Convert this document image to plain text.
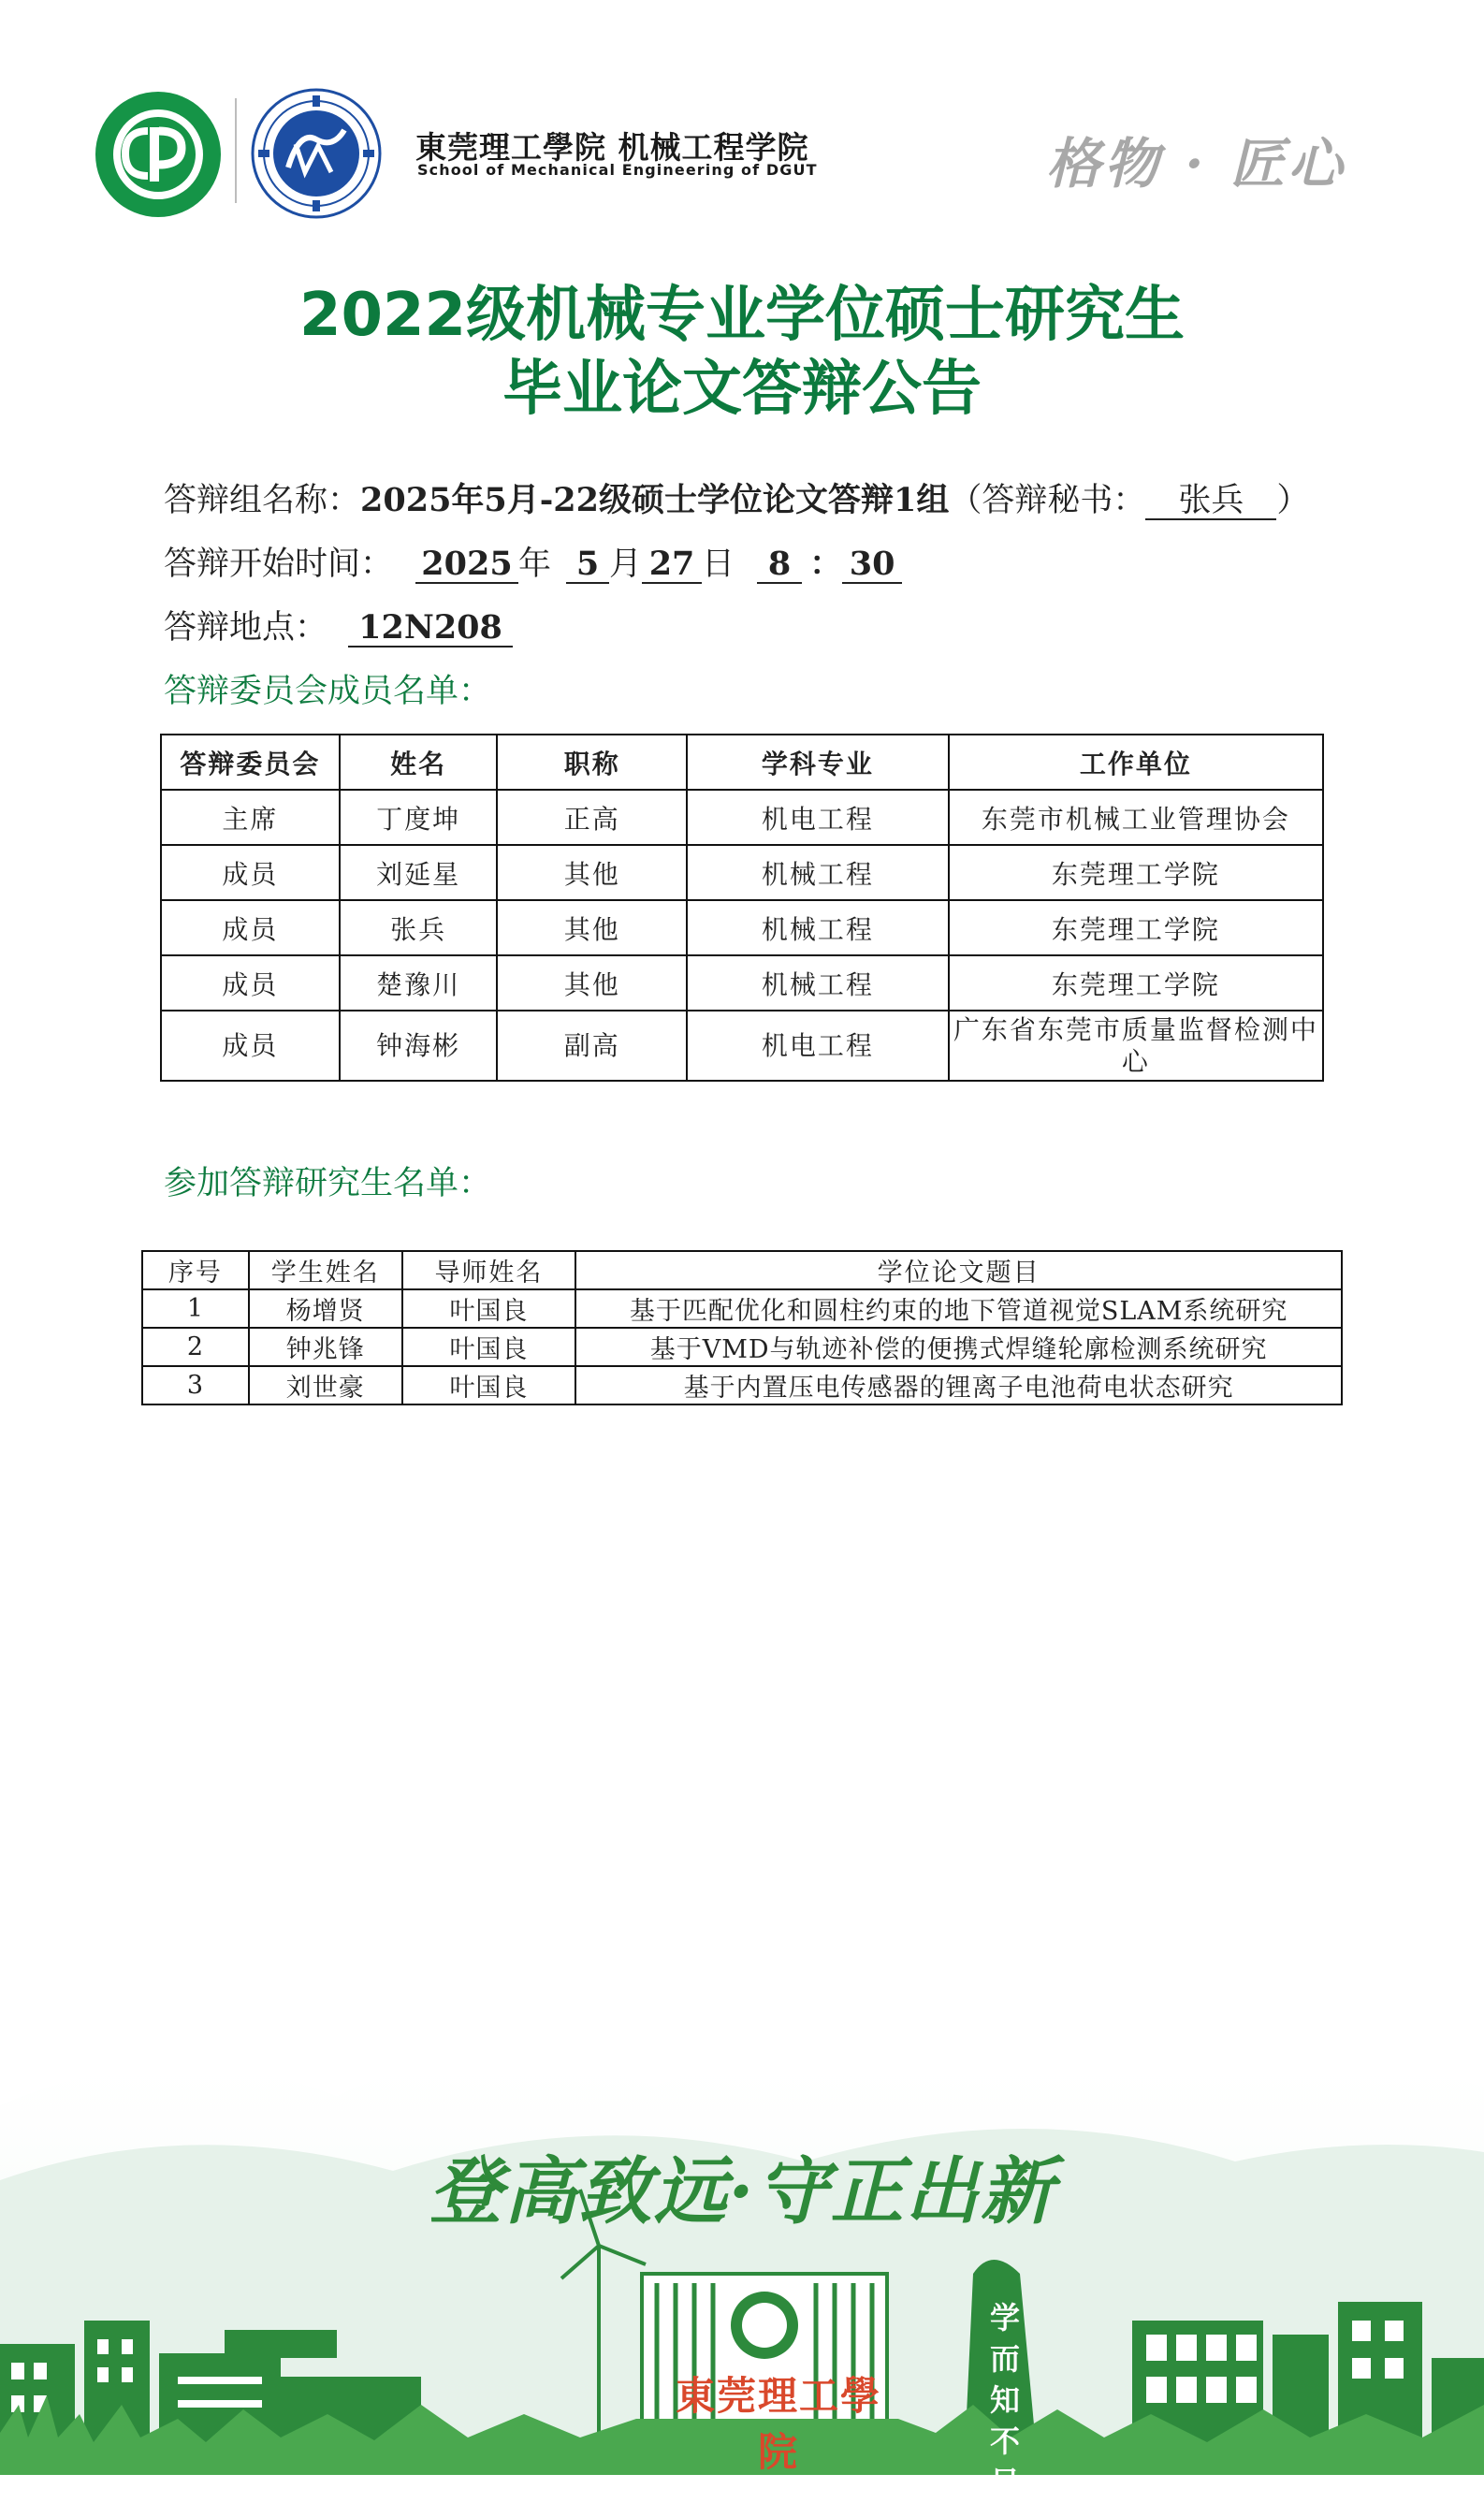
東莞理工學院 机械工程学院
School of Mechanical Engineering of DGUT	格物 · 匠心
2022级机械专业学位硕士研究生
毕业论文答辩公告
答辩组名称：2025年5月-22级硕士学位论文答辩1组（答辩秘书： 张兵 ）
答辩开始时间： 2025 年 5 月 27 日 8 ： 30
答辩地点： 12N208
答辩委员会成员名单：
答辩委员会	姓名	职称	学科专业	工作单位
主席	丁度坤	正高	机电工程	东莞市机械工业管理协会
成员	刘延星	其他	机械工程	东莞理工学院
成员	张兵	其他	机械工程	东莞理工学院
成员	楚豫川	其他	机械工程	东莞理工学院
成员	钟海彬	副高	机电工程	广东省东莞市质量监督检测中心
参加答辩研究生名单：
序号	学生姓名	导师姓名	学位论文题目
1	杨增贤	叶国良	基于匹配优化和圆柱约束的地下管道视觉SLAM系统研究
2	钟兆锋	叶国良	基于VMD与轨迹补偿的便携式焊缝轮廓检测系统研究
3	刘世豪	叶国良	基于内置压电传感器的锂离子电池荷电状态研究
登高致远·守正出新
東莞理工學院
学而知不足
